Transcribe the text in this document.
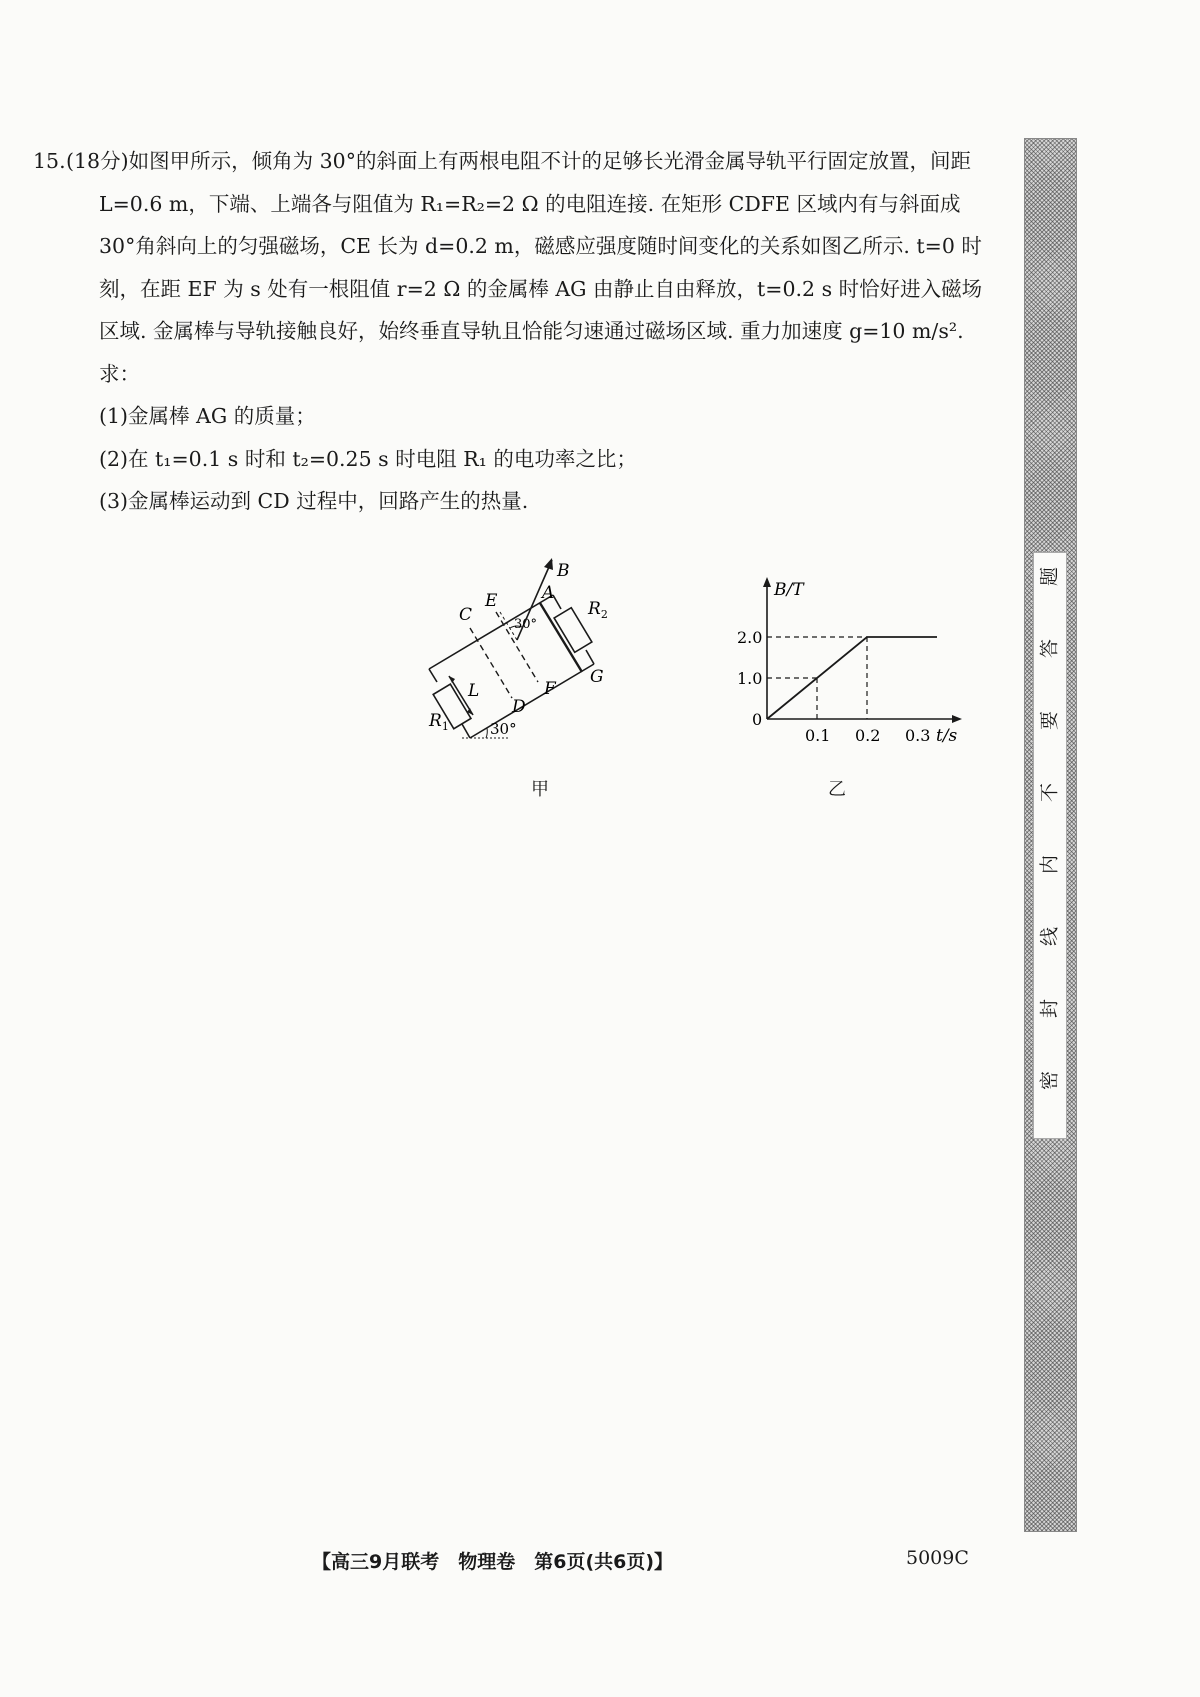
15.(18分)如图甲所示，倾角为 30°的斜面上有两根电阻不计的足够长光滑金属导轨平行固定放置，间距 L=0.6 m，下端、上端各与阻值为 R₁=R₂=2 Ω 的电阻连接. 在矩形 CDFE 区域内有与斜面成 30°角斜向上的匀强磁场，CE 长为 d=0.2 m，磁感应强度随时间变化的关系如图乙所示. t=0 时刻，在距 EF 为 s 处有一根阻值 r=2 Ω 的金属棒 AG 由静止自由释放，t=0.2 s 时恰好进入磁场区域. 金属棒与导轨接触良好，始终垂直导轨且恰能匀速通过磁场区域. 重力加速度 g=10 m/s². 求：

(1)金属棒 AG 的质量；

(2)在 t₁=0.1 s 时和 t₂=0.25 s 时电阻 R₁ 的电功率之比；

(3)金属棒运动到 CD 过程中，回路产生的热量.

B
A
E
C	$R_2$
30°
G
F
D
L
$R_1$	30°
甲
0.1 0.2 0.3
1.0
2.0
B/T
t/s
0
乙
题
答
要
不
内
线
封
密
【高三9月联考　物理卷　第6页(共6页)】	5009C
